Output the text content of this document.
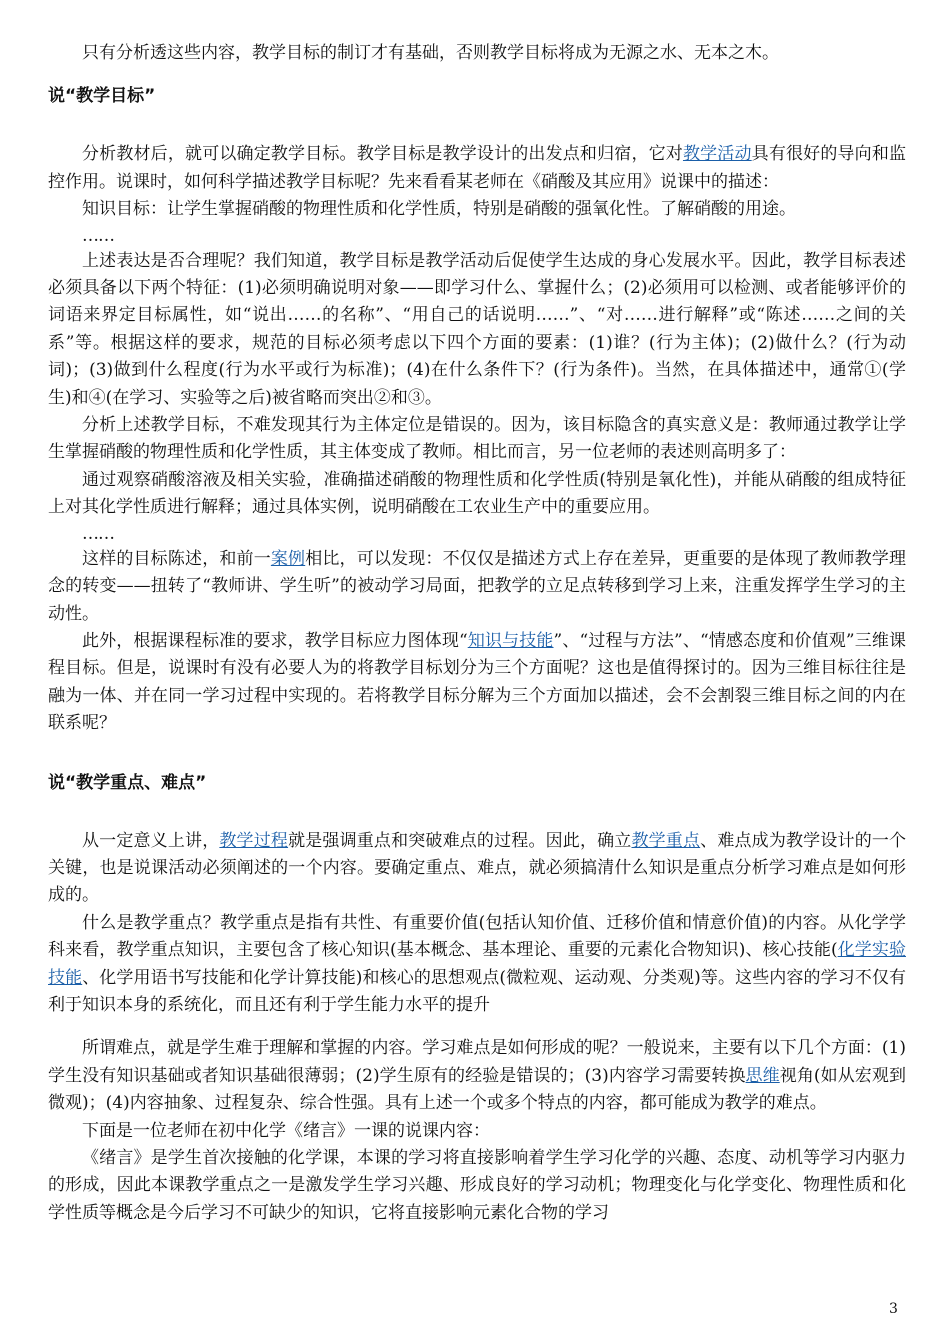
只有分析透这些内容，教学目标的制订才有基础，否则教学目标将成为无源之水、无本之木。

说“教学目标”

分析教材后，就可以确定教学目标。教学目标是教学设计的出发点和归宿，它对教学活动具有很好的导向和监控作用。说课时，如何科学描述教学目标呢？先来看看某老师在《硝酸及其应用》说课中的描述：

知识目标：让学生掌握硝酸的物理性质和化学性质，特别是硝酸的强氧化性。了解硝酸的用途。

……

上述表达是否合理呢？我们知道，教学目标是教学活动后促使学生达成的身心发展水平。因此，教学目标表述必须具备以下两个特征：(1)必须明确说明对象——即学习什么、掌握什么；(2)必须用可以检测、或者能够评价的词语来界定目标属性，如“说出……的名称”、“用自己的话说明……”、“对……进行解释”或“陈述……之间的关系”等。根据这样的要求，规范的目标必须考虑以下四个方面的要素：(1)谁？(行为主体)；(2)做什么？(行为动词)；(3)做到什么程度(行为水平或行为标准)；(4)在什么条件下？(行为条件)。当然，在具体描述中，通常①(学生)和④(在学习、实验等之后)被省略而突出②和③。

分析上述教学目标，不难发现其行为主体定位是错误的。因为，该目标隐含的真实意义是：教师通过教学让学生掌握硝酸的物理性质和化学性质，其主体变成了教师。相比而言，另一位老师的表述则高明多了：

通过观察硝酸溶液及相关实验，准确描述硝酸的物理性质和化学性质(特别是氧化性)，并能从硝酸的组成特征上对其化学性质进行解释；通过具体实例，说明硝酸在工农业生产中的重要应用。

……

这样的目标陈述，和前一案例相比，可以发现：不仅仅是描述方式上存在差异，更重要的是体现了教师教学理念的转变——扭转了“教师讲、学生听”的被动学习局面，把教学的立足点转移到学习上来，注重发挥学生学习的主动性。

此外，根据课程标准的要求，教学目标应力图体现“知识与技能”、“过程与方法”、“情感态度和价值观”三维课程目标。但是，说课时有没有必要人为的将教学目标划分为三个方面呢？这也是值得探讨的。因为三维目标往往是融为一体、并在同一学习过程中实现的。若将教学目标分解为三个方面加以描述，会不会割裂三维目标之间的内在联系呢？

说“教学重点、难点”

从一定意义上讲，教学过程就是强调重点和突破难点的过程。因此，确立教学重点、难点成为教学设计的一个关键，也是说课活动必须阐述的一个内容。要确定重点、难点，就必须搞清什么知识是重点分析学习难点是如何形成的。

什么是教学重点？教学重点是指有共性、有重要价值(包括认知价值、迁移价值和情意价值)的内容。从化学学科来看，教学重点知识，主要包含了核心知识(基本概念、基本理论、重要的元素化合物知识)、核心技能(化学实验技能、化学用语书写技能和化学计算技能)和核心的思想观点(微粒观、运动观、分类观)等。这些内容的学习不仅有利于知识本身的系统化，而且还有利于学生能力水平的提升

所谓难点，就是学生难于理解和掌握的内容。学习难点是如何形成的呢？一般说来，主要有以下几个方面：(1)学生没有知识基础或者知识基础很薄弱；(2)学生原有的经验是错误的；(3)内容学习需要转换思维视角(如从宏观到微观)；(4)内容抽象、过程复杂、综合性强。具有上述一个或多个特点的内容，都可能成为教学的难点。

下面是一位老师在初中化学《绪言》一课的说课内容：

《绪言》是学生首次接触的化学课，本课的学习将直接影响着学生学习化学的兴趣、态度、动机等学习内驱力的形成，因此本课教学重点之一是激发学生学习兴趣、形成良好的学习动机；物理变化与化学变化、物理性质和化学性质等概念是今后学习不可缺少的知识，它将直接影响元素化合物的学习

3
